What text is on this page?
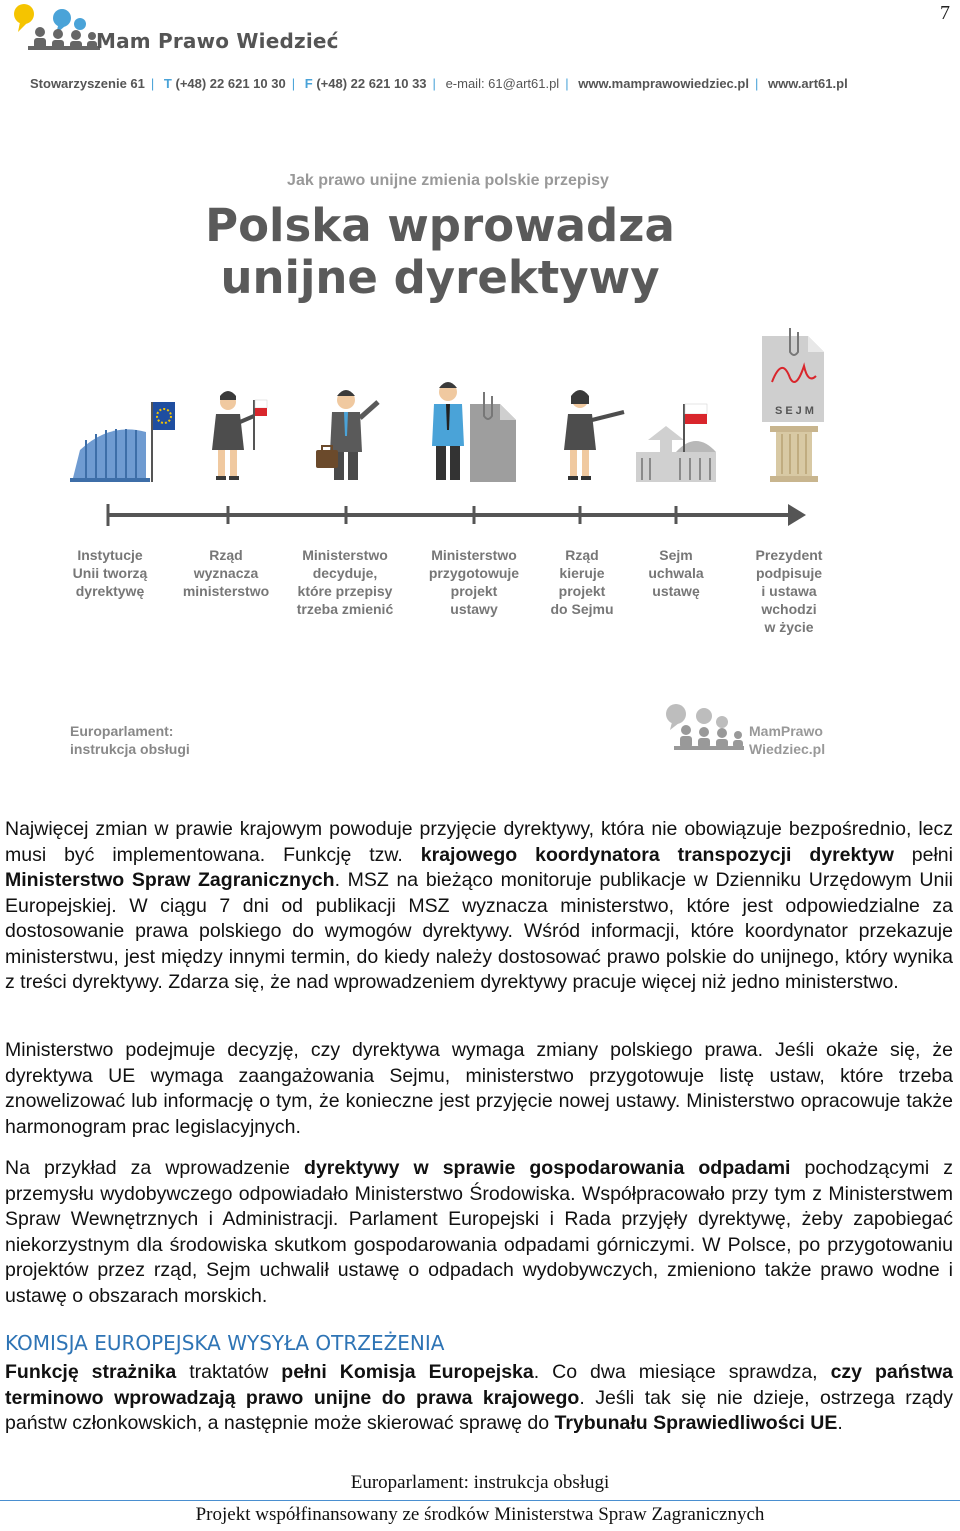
7
Mam Prawo Wiedzieć
Stowarzyszenie 61 | T (+48) 22 621 10 30 | F (+48) 22 621 10 33 | e-mail: 61@art61.pl | www.mamprawowiedziec.pl | www.art61.pl
Jak prawo unijne zmienia polskie przepisy
Polska wprowadza
unijne dyrektywy
SEJM
Instytucje
Unii tworzą
dyrektywę
Rząd
wyznacza
ministerstwo
Ministerstwo
decyduje,
które przepisy
trzeba zmienić
Ministerstwo
przygotowuje
projekt
ustawy
Rząd
kieruje
projekt
do Sejmu
Sejm
uchwala
ustawę
Prezydent
podpisuje
i ustawa
wchodzi
w życie
Europarlament:
instrukcja obsługi
MamPrawo
Wiedziec.pl
Najwięcej zmian w prawie krajowym powoduje przyjęcie dyrektywy, która nie obowiązuje bezpośrednio, lecz musi być implementowana. Funkcję tzw. krajowego koordynatora transpozycji dyrektyw pełni Ministerstwo Spraw Zagranicznych. MSZ na bieżąco monitoruje publikacje w Dzienniku Urzędowym Unii Europejskiej. W ciągu 7 dni od publikacji MSZ wyznacza ministerstwo, które jest odpowiedzialne za dostosowanie prawa polskiego do wymogów dyrektywy. Wśród informacji, które koordynator przekazuje ministerstwu, jest między innymi termin, do kiedy należy dostosować prawo polskie do unijnego, który wynika z treści dyrektywy. Zdarza się, że nad wprowadzeniem dyrektywy pracuje więcej niż jedno ministerstwo.
Ministerstwo podejmuje decyzję, czy dyrektywa wymaga zmiany polskiego prawa. Jeśli okaże się, że dyrektywa UE wymaga zaangażowania Sejmu, ministerstwo przygotowuje listę ustaw, które trzeba znowelizować lub informację o tym, że konieczne jest przyjęcie nowej ustawy. Ministerstwo opracowuje także harmonogram prac legislacyjnych.
Na przykład za wprowadzenie dyrektywy w sprawie gospodarowania odpadami pochodzącymi z przemysłu wydobywczego odpowiadało Ministerstwo Środowiska. Współpracowało przy tym z Ministerstwem Spraw Wewnętrznych i Administracji. Parlament Europejski i Rada przyjęły dyrektywę, żeby zapobiegać niekorzystnym dla środowiska skutkom gospodarowania odpadami górniczymi. W Polsce, po przygotowaniu projektów przez rząd, Sejm uchwalił ustawę o odpadach wydobywczych, zmieniono także prawo wodne i ustawę o obszarach morskich.
KOMISJA EUROPEJSKA WYSYŁA OTRZEŻENIA
Funkcję strażnika traktatów pełni Komisja Europejska. Co dwa miesiące sprawdza, czy państwa terminowo wprowadzają prawo unijne do prawa krajowego. Jeśli tak się nie dzieje, ostrzega rządy państw członkowskich, a następnie może skierować sprawę do Trybunału Sprawiedliwości UE.
Europarlament: instrukcja obsługi
Projekt współfinansowany ze środków Ministerstwa Spraw Zagranicznych
